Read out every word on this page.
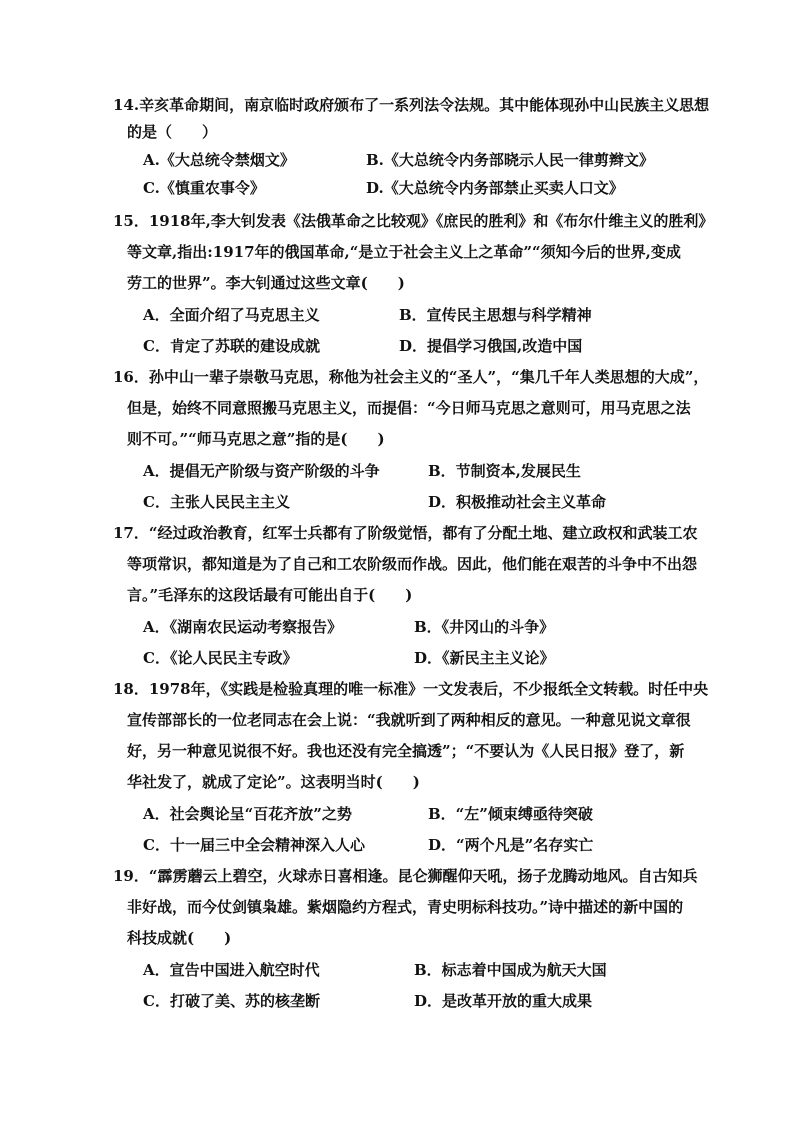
14.辛亥革命期间，南京临时政府颁布了一系列法令法规。其中能体现孙中山民族主义思想
的是（　　）
A.《大总统令禁烟文》	B.《大总统令内务部晓示人民一律剪辫文》
C.《慎重农事令》	D.《大总统令内务部禁止买卖人口文》
15．1918年,李大钊发表《法俄革命之比较观》《庶民的胜利》和《布尔什维主义的胜利》
等文章,指出:1917年的俄国革命,“是立于社会主义上之革命”“须知今后的世界,变成
劳工的世界”。李大钊通过这些文章(　　)
A．全面介绍了马克思主义	B．宣传民主思想与科学精神
C．肯定了苏联的建设成就	D．提倡学习俄国,改造中国
16．孙中山一辈子崇敬马克思，称他为社会主义的“圣人”，“集几千年人类思想的大成”，
但是，始终不同意照搬马克思主义，而提倡：“今日师马克思之意则可，用马克思之法
则不可。”“师马克思之意”指的是(　　)
A．提倡无产阶级与资产阶级的斗争	B．节制资本,发展民生
C．主张人民民主主义	D．积极推动社会主义革命
17．“经过政治教育，红军士兵都有了阶级觉悟，都有了分配土地、建立政权和武装工农
等项常识，都知道是为了自己和工农阶级而作战。因此，他们能在艰苦的斗争中不出怨
言。”毛泽东的这段话最有可能出自于(　　)
A．《湖南农民运动考察报告》	B．《井冈山的斗争》
C．《论人民民主专政》	D．《新民主主义论》
18．1978年，《实践是检验真理的唯一标准》一文发表后，不少报纸全文转载。时任中央
宣传部部长的一位老同志在会上说：“我就听到了两种相反的意见。一种意见说文章很
好，另一种意见说很不好。我也还没有完全搞透”；“不要认为《人民日报》登了，新
华社发了，就成了定论”。这表明当时(　　)
A．社会舆论呈“百花齐放”之势	B．“左”倾束缚亟待突破
C．十一届三中全会精神深入人心	D．“两个凡是”名存实亡
19．“霹雳蘑云上碧空，火球赤日喜相逢。昆仑狮醒仰天吼，扬子龙腾动地风。自古知兵
非好战，而今仗剑镇枭雄。紫烟隐约方程式，青史明标科技功。”诗中描述的新中国的
科技成就(　　)
A．宣告中国进入航空时代	B．标志着中国成为航天大国
C．打破了美、苏的核垄断	D．是改革开放的重大成果
